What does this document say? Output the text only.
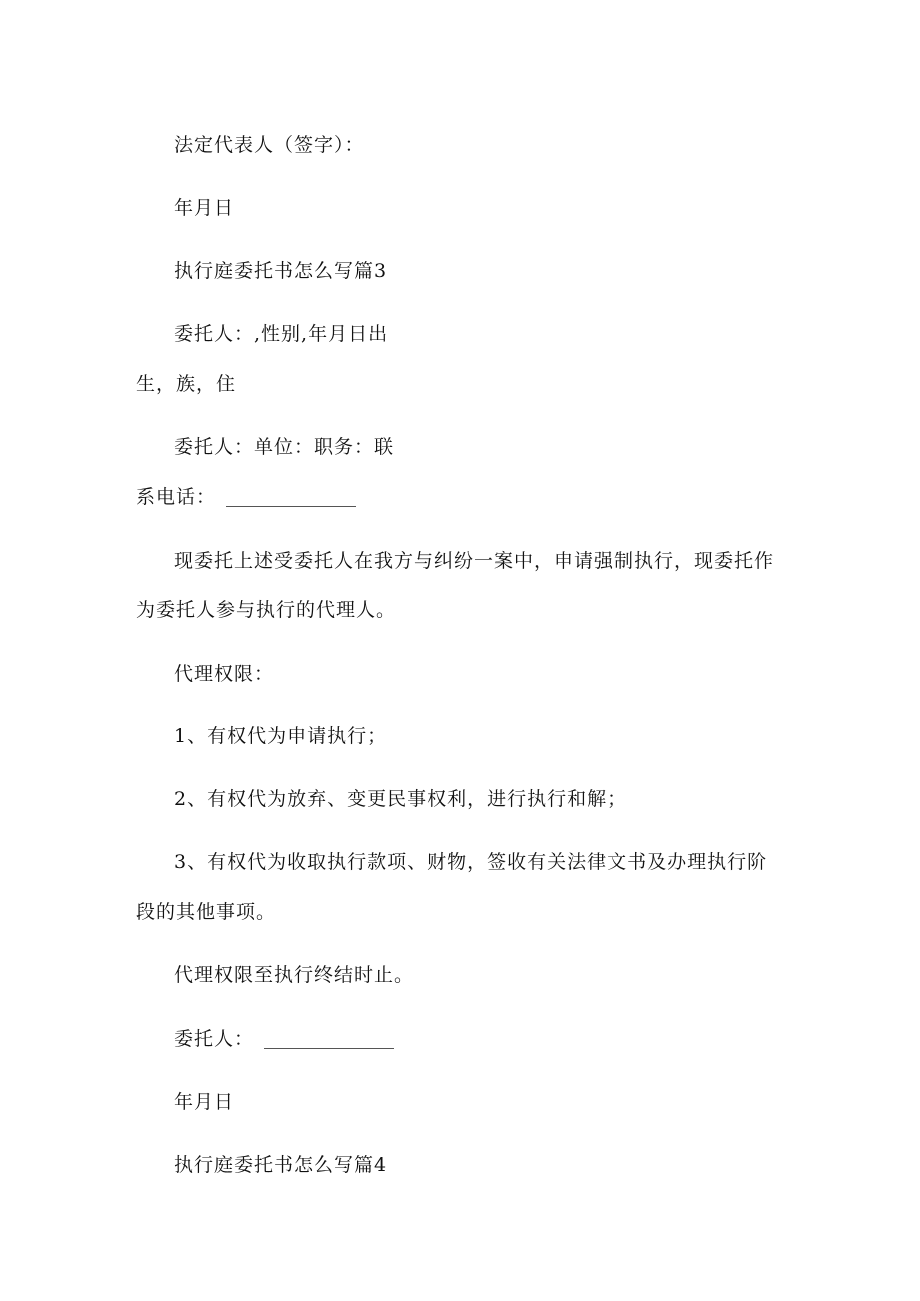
法定代表人（签字）：
年月日
执行庭委托书怎么写篇3
委托人：,性别,年月日出
生，族，住
委托人：单位：职务：联
系电话：
现委托上述受委托人在我方与纠纷一案中，申请强制执行，现委托作
为委托人参与执行的代理人。
代理权限：
1、有权代为申请执行；
2、有权代为放弃、变更民事权利，进行执行和解；
3、有权代为收取执行款项、财物，签收有关法律文书及办理执行阶
段的其他事项。
代理权限至执行终结时止。
委托人：
年月日
执行庭委托书怎么写篇4
